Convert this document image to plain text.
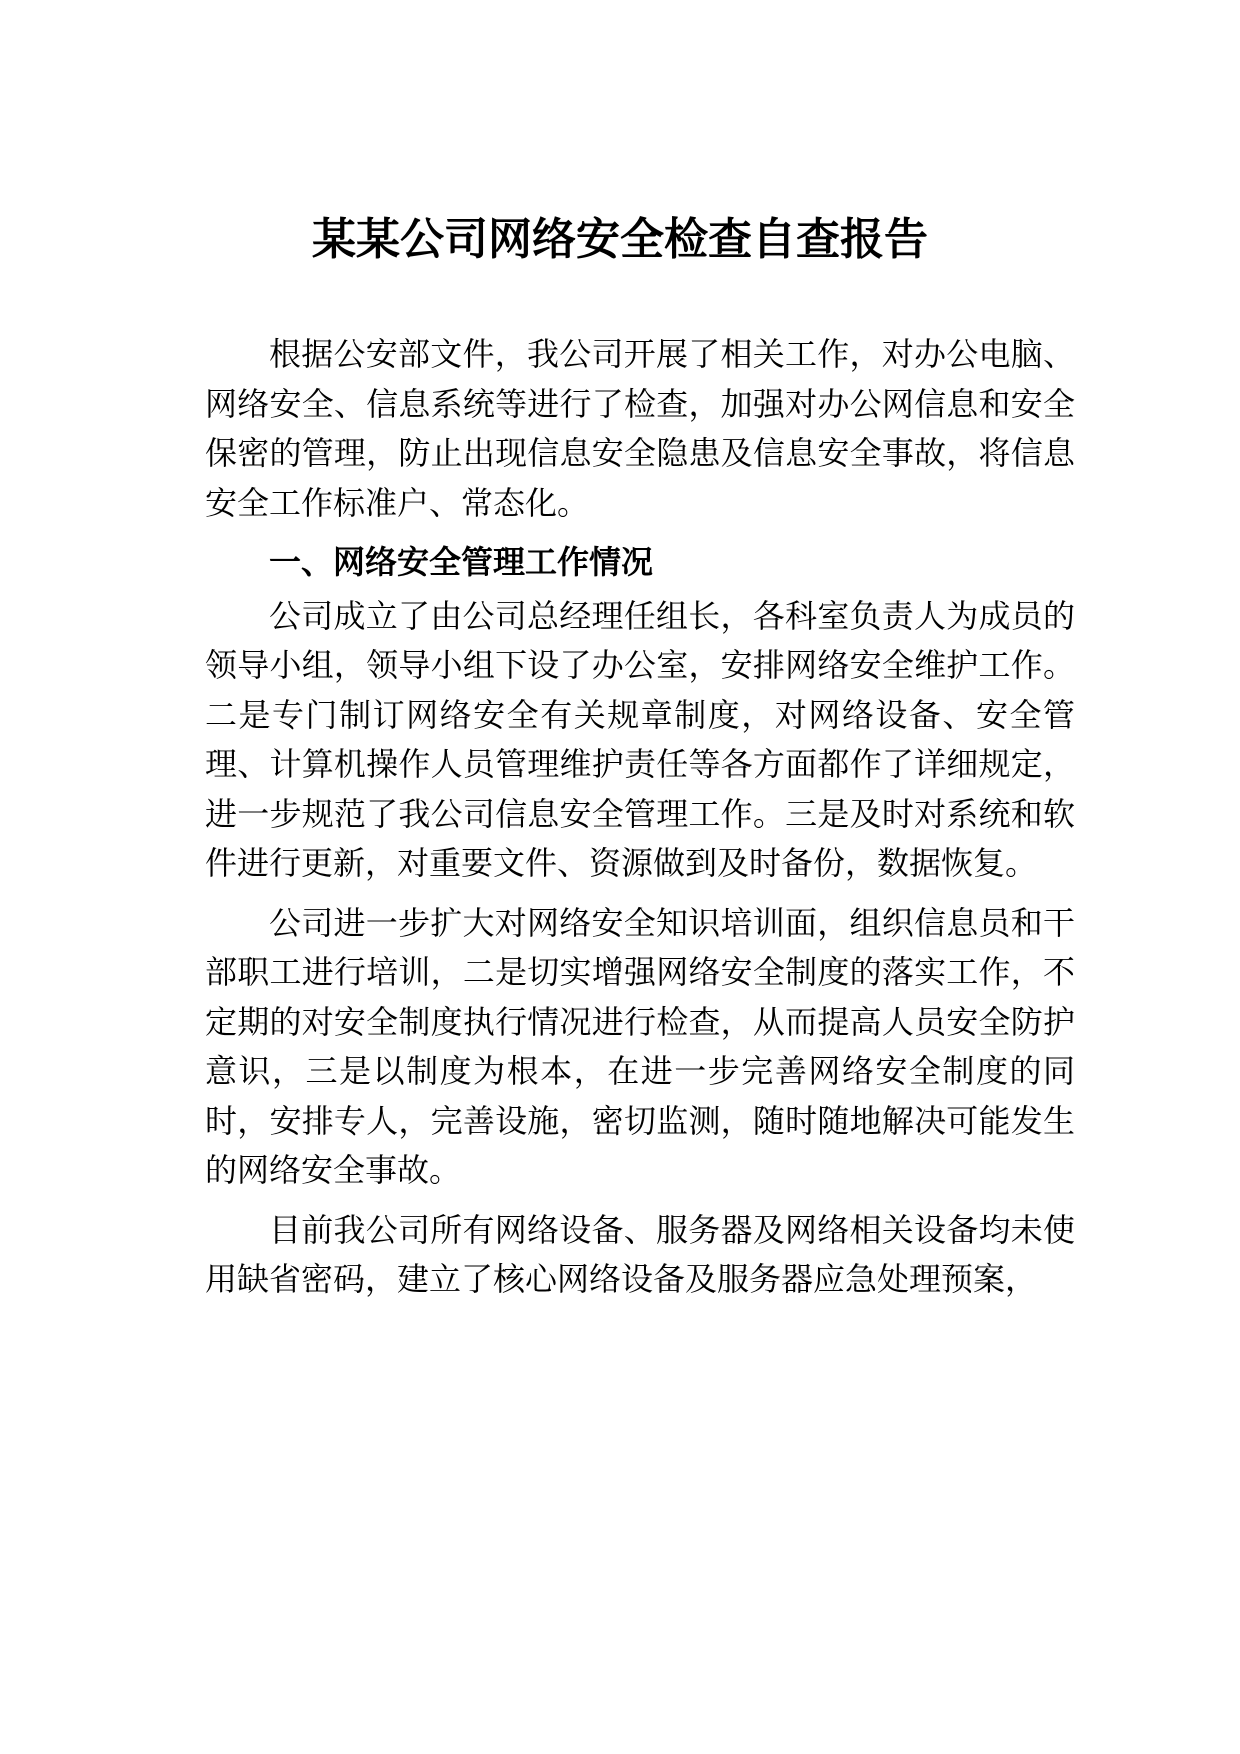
某某公司网络安全检查自查报告

根据公安部文件，我公司开展了相关工作，对办公电脑、网络安全、信息系统等进行了检查，加强对办公网信息和安全保密的管理，防止出现信息安全隐患及信息安全事故，将信息安全工作标准户、常态化。

一、网络安全管理工作情况

公司成立了由公司总经理任组长，各科室负责人为成员的领导小组，领导小组下设了办公室，安排网络安全维护工作。二是专门制订网络安全有关规章制度，对网络设备、安全管理、计算机操作人员管理维护责任等各方面都作了详细规定，进一步规范了我公司信息安全管理工作。三是及时对系统和软件进行更新，对重要文件、资源做到及时备份，数据恢复。

公司进一步扩大对网络安全知识培训面，组织信息员和干部职工进行培训，二是切实增强网络安全制度的落实工作，不定期的对安全制度执行情况进行检查，从而提高人员安全防护意识，三是以制度为根本，在进一步完善网络安全制度的同时，安排专人，完善设施，密切监测，随时随地解决可能发生的网络安全事故。

目前我公司所有网络设备、服务器及网络相关设备均未使用缺省密码，建立了核心网络设备及服务器应急处理预案，
